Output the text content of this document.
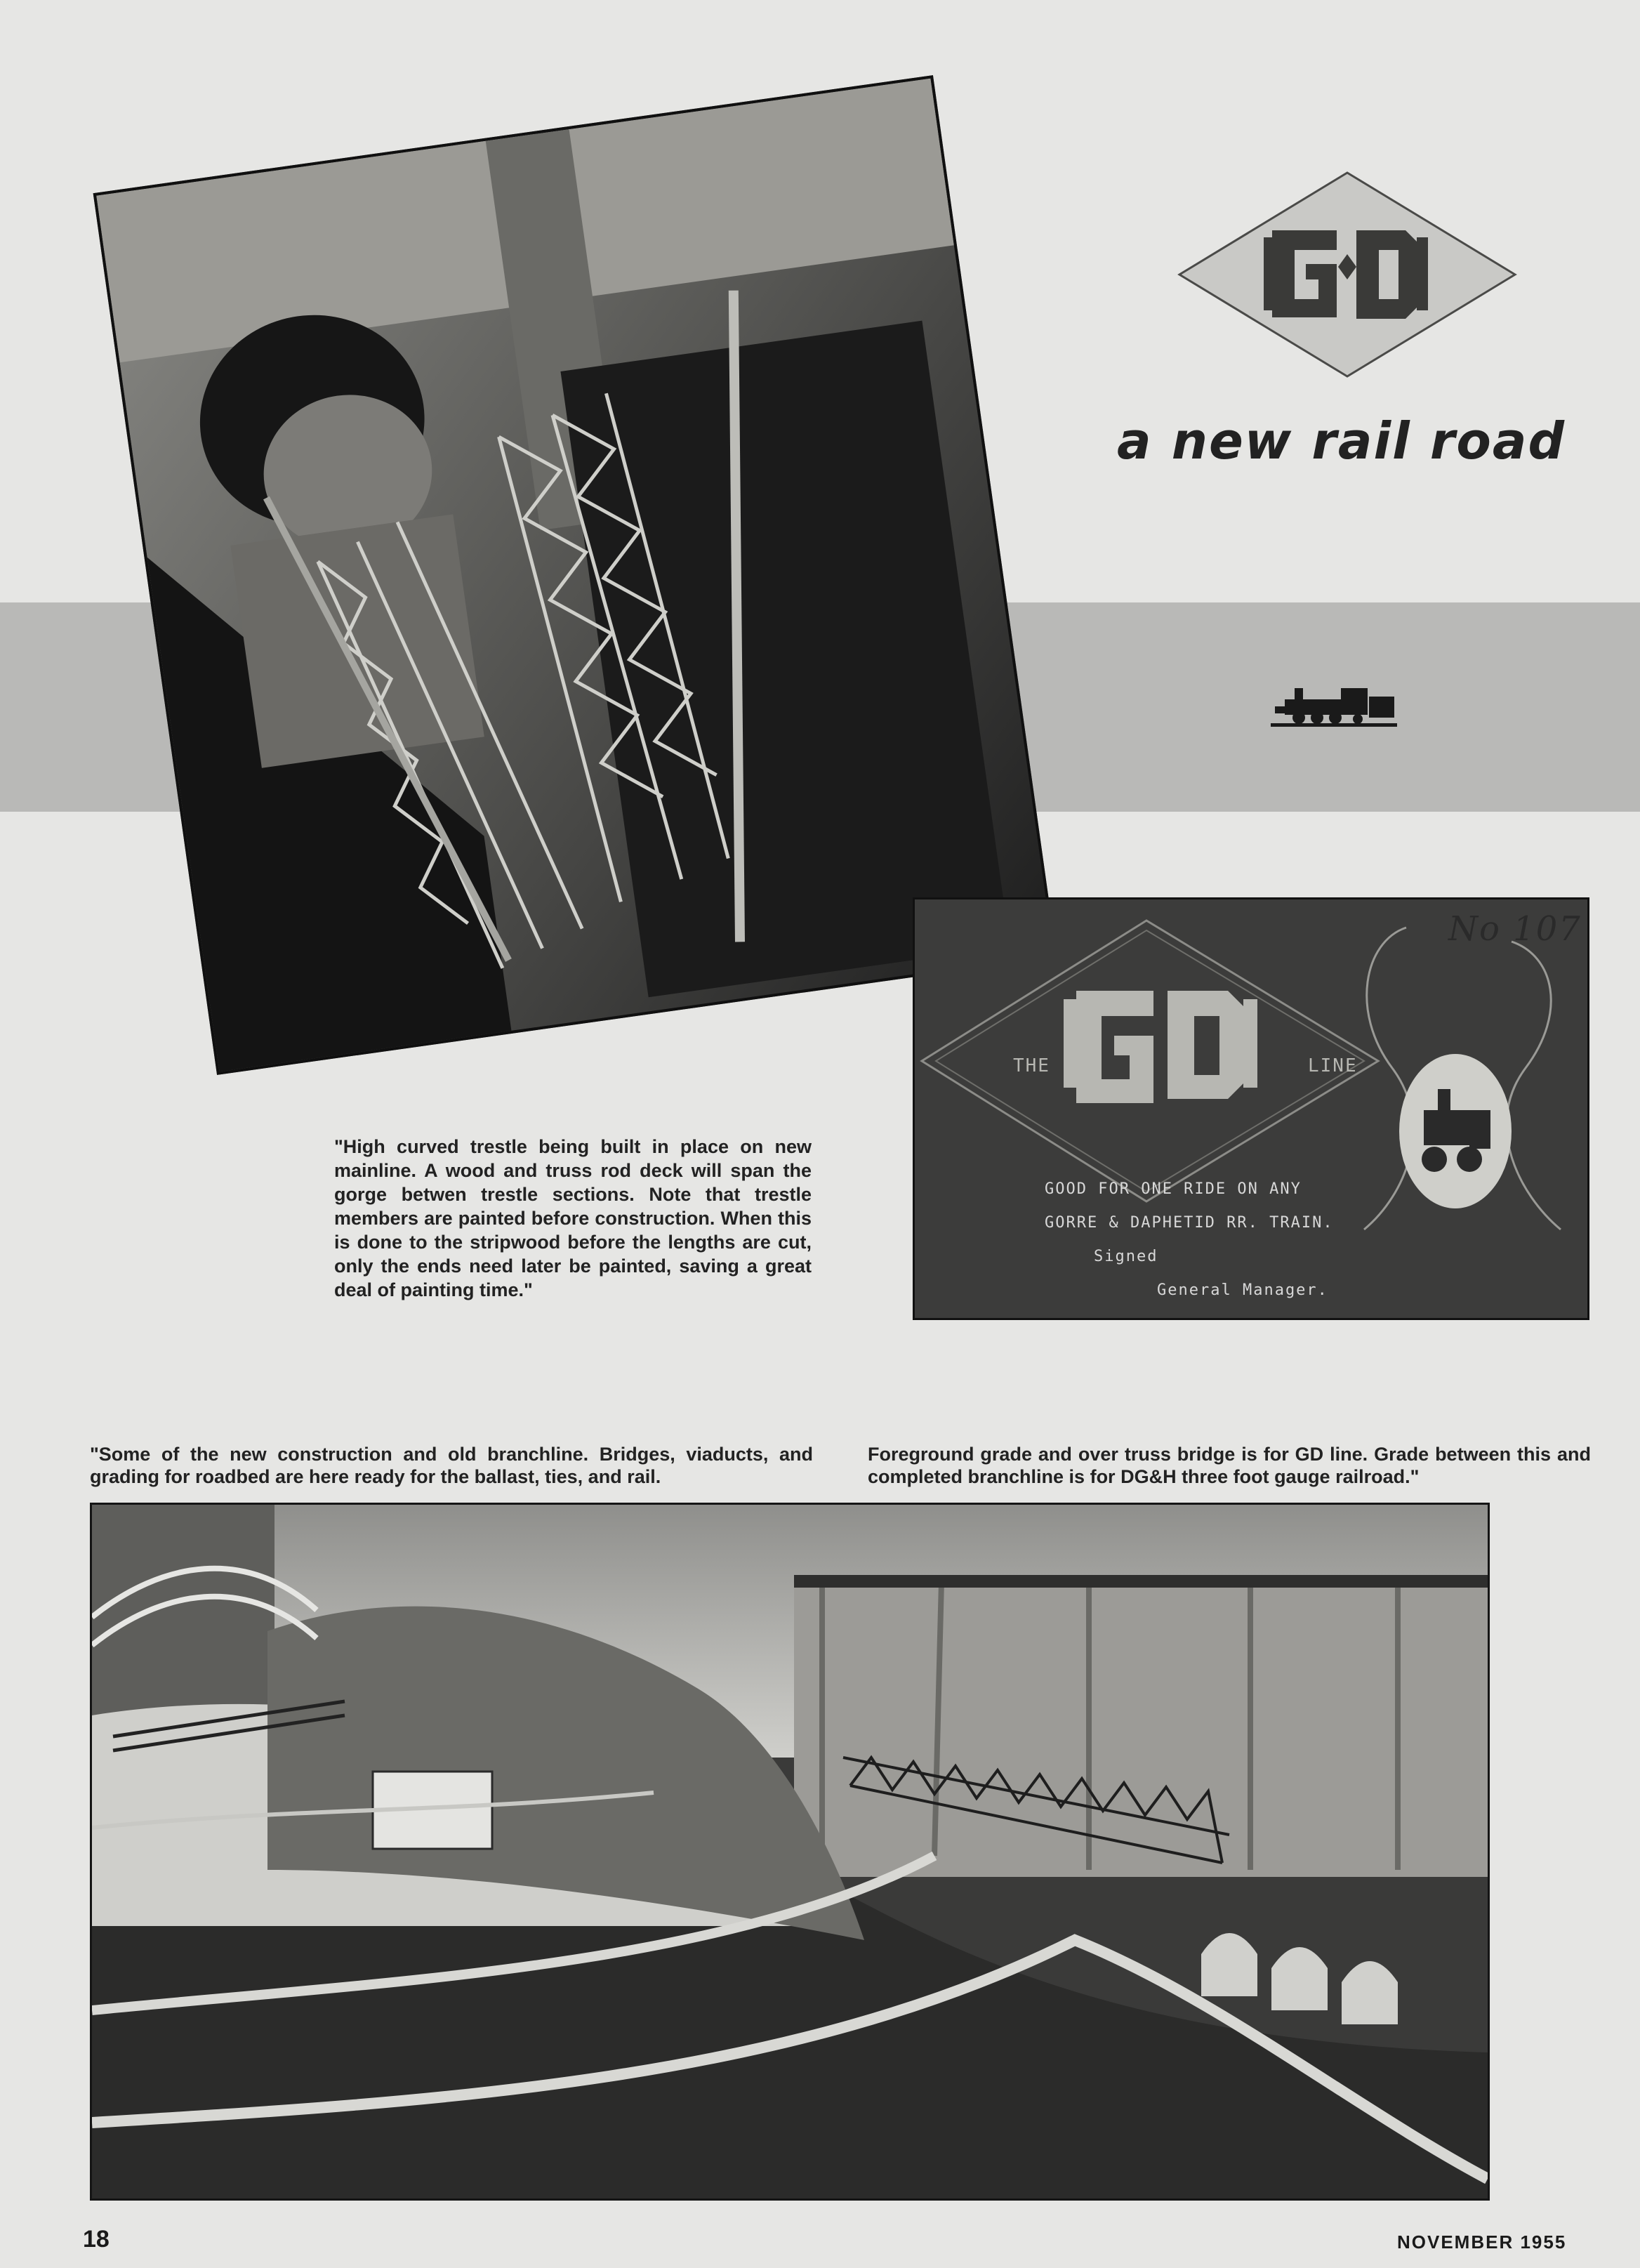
a new rail road
No 107
THE	LINE
GOOD FOR ONE RIDE ON ANY
GORRE & DAPHETID RR. TRAIN.
Signed
General Manager.
"High curved trestle being built in place on new mainline. A wood and truss rod deck will span the gorge betwen trestle sections. Note that trestle members are painted before construction. When this is done to the stripwood before the lengths are cut, only the ends need later be painted, saving a great deal of painting time."
"Some of the new construction and old branchline. Bridges, viaducts, and grading for roadbed are here ready for the ballast, ties, and rail.
Foreground grade and over truss bridge is for GD line. Grade between this and completed branchline is for DG&H three foot gauge railroad."
18	NOVEMBER 1955
